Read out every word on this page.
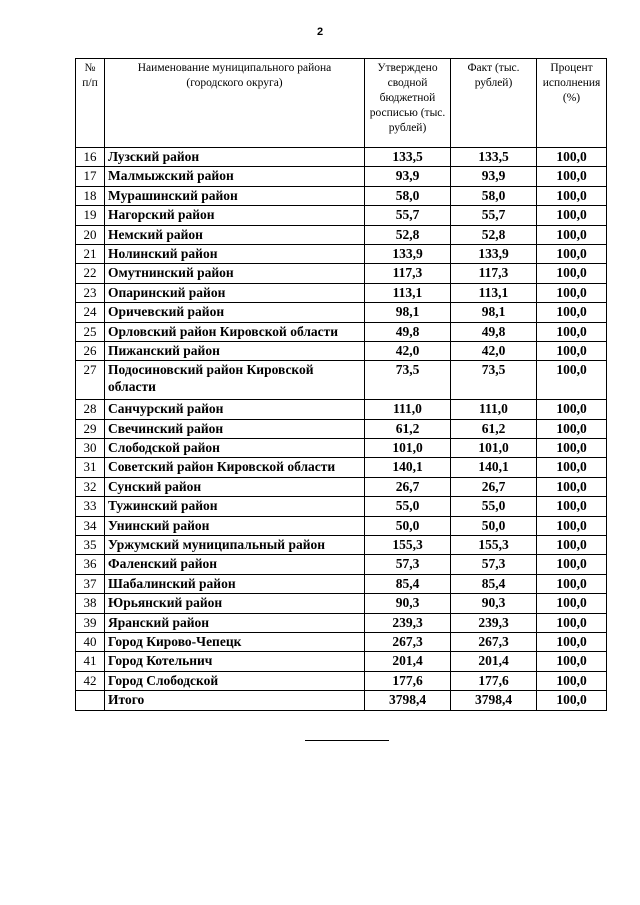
2
№ п/п	Наименование муниципального района (городского округа)	Утверждено сводной бюджетной росписью (тыс. рублей)	Факт (тыс. рублей)	Процент исполнения (%)
16	Лузский район	133,5	133,5	100,0
17	Малмыжский район	93,9	93,9	100,0
18	Мурашинский район	58,0	58,0	100,0
19	Нагорский район	55,7	55,7	100,0
20	Немский район	52,8	52,8	100,0
21	Нолинский район	133,9	133,9	100,0
22	Омутнинский район	117,3	117,3	100,0
23	Опаринский район	113,1	113,1	100,0
24	Оричевский район	98,1	98,1	100,0
25	Орловский район Кировской области	49,8	49,8	100,0
26	Пижанский район	42,0	42,0	100,0
27	Подосиновский район Кировской области	73,5	73,5	100,0
28	Санчурский район	111,0	111,0	100,0
29	Свечинский район	61,2	61,2	100,0
30	Слободской район	101,0	101,0	100,0
31	Советский район Кировской области	140,1	140,1	100,0
32	Сунский район	26,7	26,7	100,0
33	Тужинский район	55,0	55,0	100,0
34	Унинский район	50,0	50,0	100,0
35	Уржумский муниципальный район	155,3	155,3	100,0
36	Фаленский район	57,3	57,3	100,0
37	Шабалинский район	85,4	85,4	100,0
38	Юрьянский район	90,3	90,3	100,0
39	Яранский район	239,3	239,3	100,0
40	Город Кирово-Чепецк	267,3	267,3	100,0
41	Город Котельнич	201,4	201,4	100,0
42	Город Слободской	177,6	177,6	100,0
	Итого	3798,4	3798,4	100,0
